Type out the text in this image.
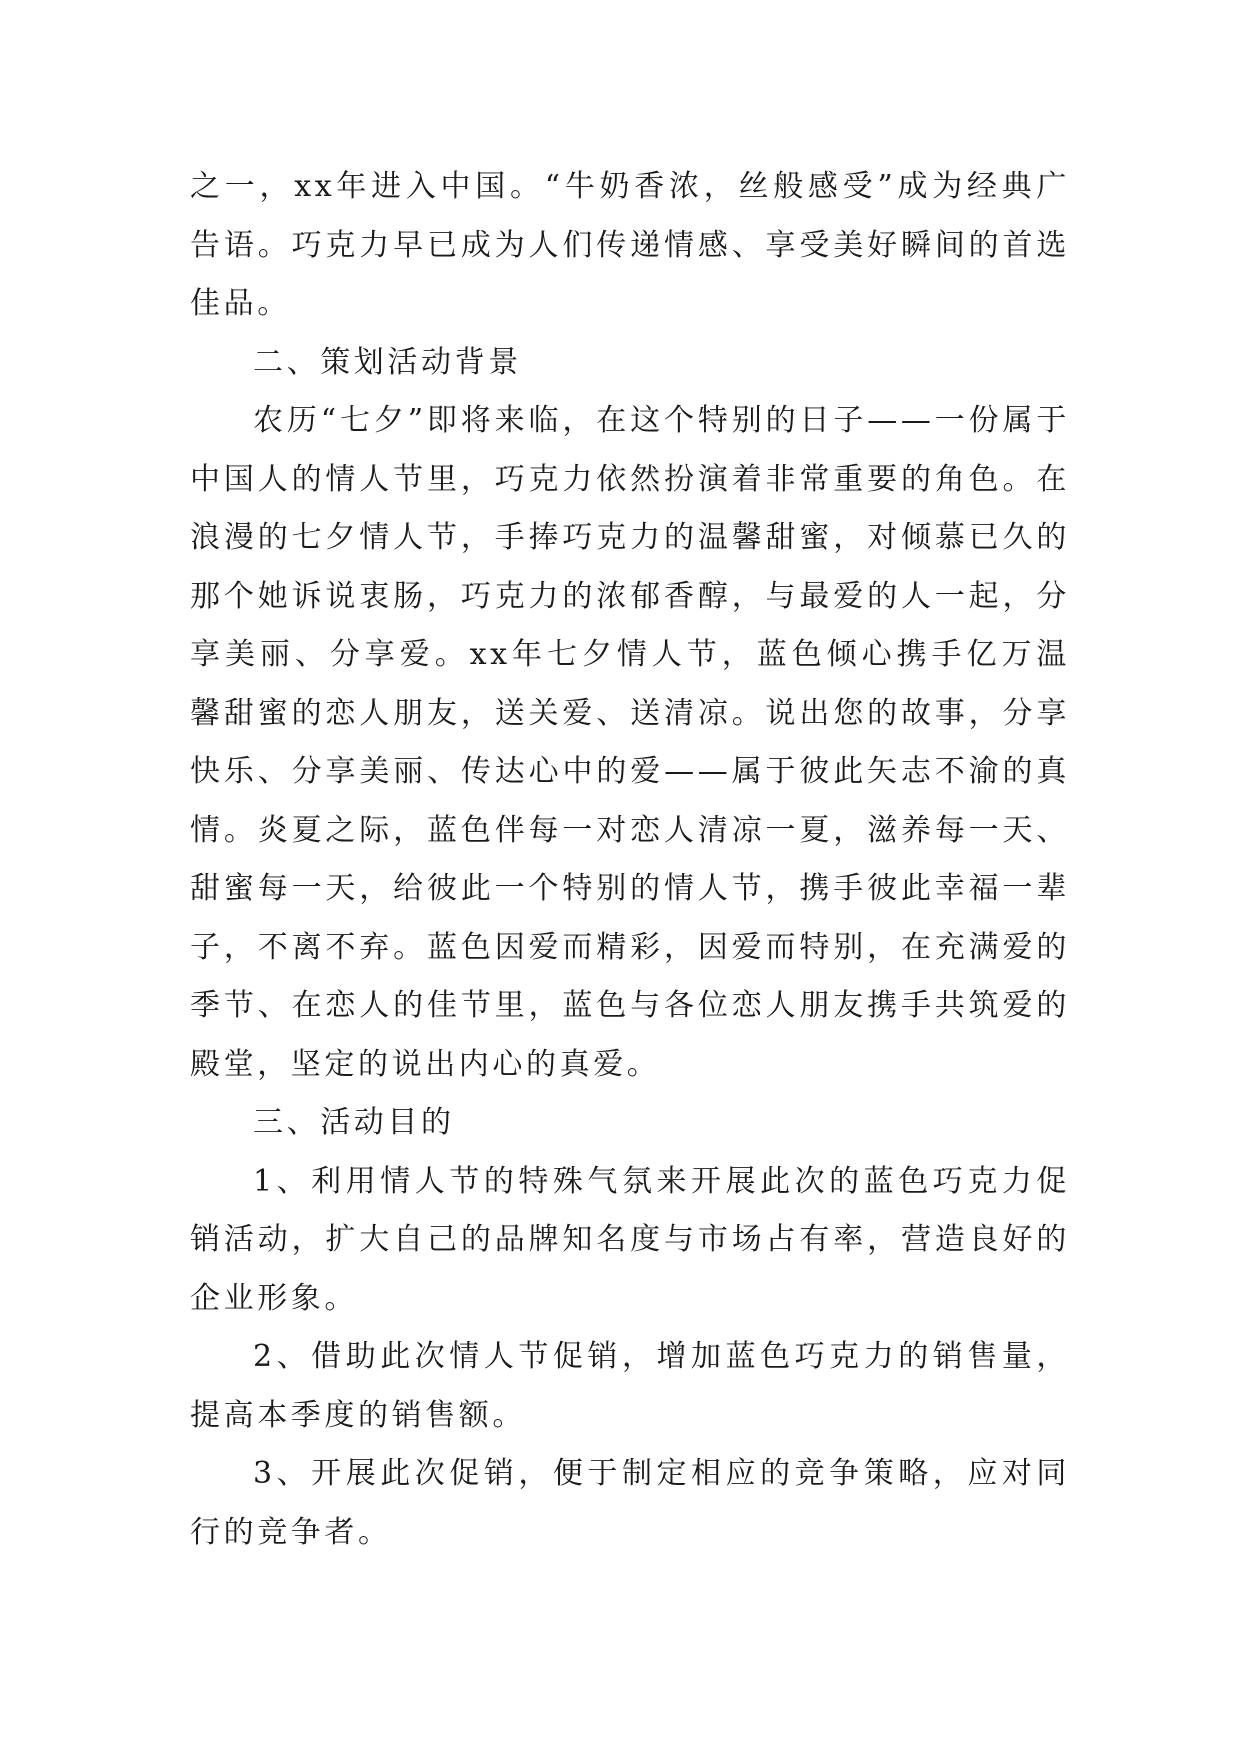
之一，xx年进入中国。“牛奶香浓，丝般感受”成为经典广告语。巧克力早已成为人们传递情感、享受美好瞬间的首选佳品。

二、策划活动背景

农历“七夕”即将来临，在这个特别的日子——一份属于中国人的情人节里，巧克力依然扮演着非常重要的角色。在浪漫的七夕情人节，手捧巧克力的温馨甜蜜，对倾慕已久的那个她诉说衷肠，巧克力的浓郁香醇，与最爱的人一起，分享美丽、分享爱。xx年七夕情人节，蓝色倾心携手亿万温馨甜蜜的恋人朋友，送关爱、送清凉。说出您的故事，分享快乐、分享美丽、传达心中的爱——属于彼此矢志不渝的真情。炎夏之际，蓝色伴每一对恋人清凉一夏，滋养每一天、甜蜜每一天，给彼此一个特别的情人节，携手彼此幸福一辈子，不离不弃。蓝色因爱而精彩，因爱而特别，在充满爱的季节、在恋人的佳节里，蓝色与各位恋人朋友携手共筑爱的殿堂，坚定的说出内心的真爱。

三、活动目的

1、利用情人节的特殊气氛来开展此次的蓝色巧克力促销活动，扩大自己的品牌知名度与市场占有率，营造良好的企业形象。

2、借助此次情人节促销，增加蓝色巧克力的销售量，提高本季度的销售额。

3、开展此次促销，便于制定相应的竞争策略，应对同行的竞争者。
